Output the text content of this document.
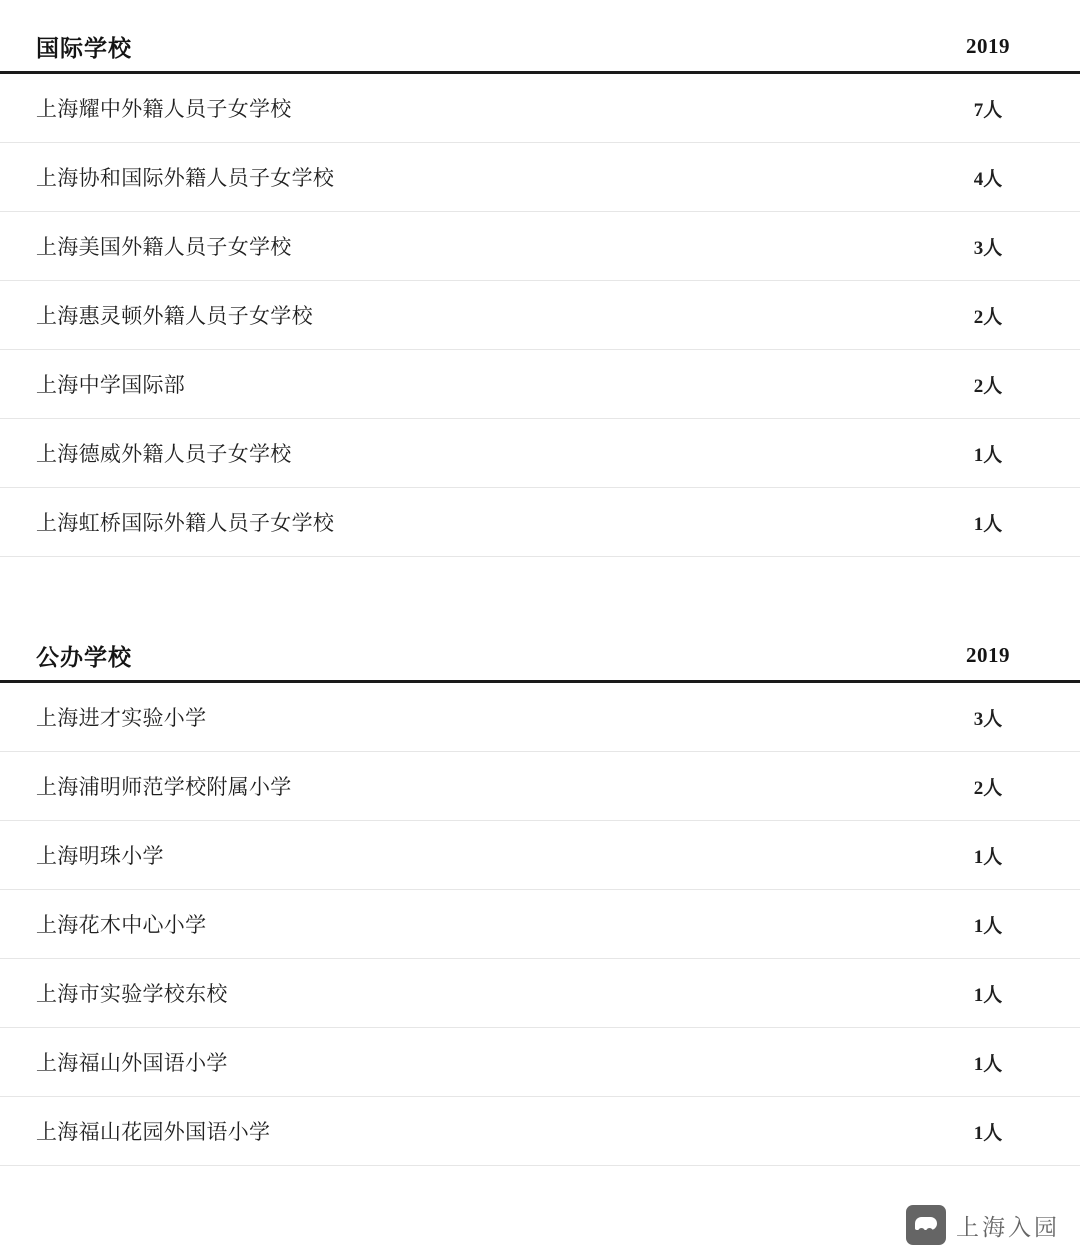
国际学校	2019
上海耀中外籍人员子女学校	7人
上海协和国际外籍人员子女学校	4人
上海美国外籍人员子女学校	3人
上海惠灵顿外籍人员子女学校	2人
上海中学国际部	2人
上海德威外籍人员子女学校	1人
上海虹桥国际外籍人员子女学校	1人
公办学校	2019
上海进才实验小学	3人
上海浦明师范学校附属小学	2人
上海明珠小学	1人
上海花木中心小学	1人
上海市实验学校东校	1人
上海福山外国语小学	1人
上海福山花园外国语小学	1人
上海入园
